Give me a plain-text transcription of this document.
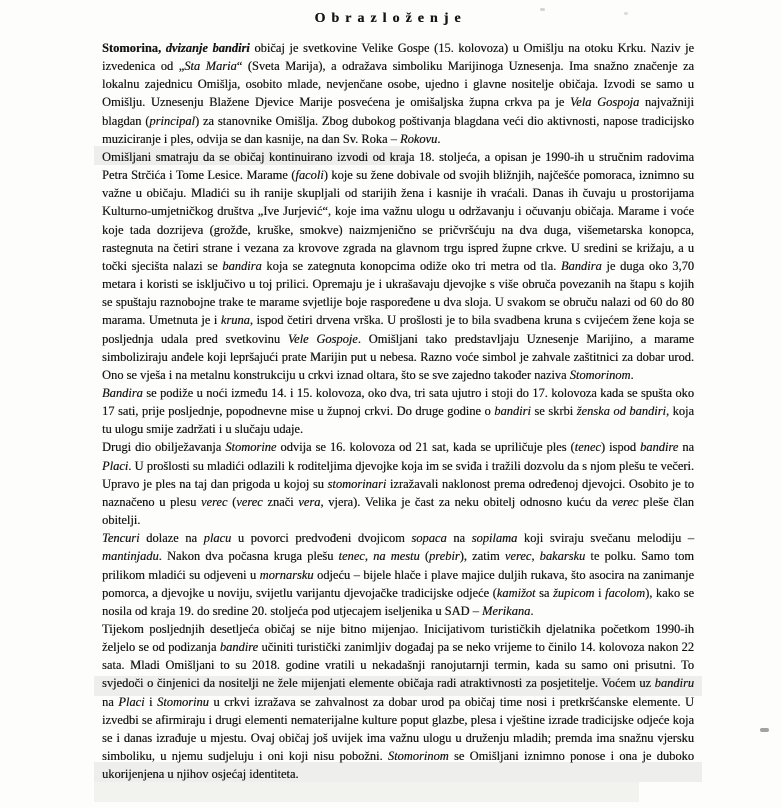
Obrazloženje

Stomorina, dvizanje bandiri običaj je svetkovine Velike Gospe (15. kolovoza) u Omišlju na otoku Krku. Naziv je izvedenica od „Sta Maria“ (Sveta Marija), a odražava simboliku Marijinoga Uznesenja. Ima snažno značenje za lokalnu zajednicu Omišlja, osobito mlade, nevjenčane osobe, ujedno i glavne nositelje običaja. Izvodi se samo u Omišlju. Uznesenju Blažene Djevice Marije posvećena je omišaljska župna crkva pa je Vela Gospoja najvažniji blagdan (principal) za stanovnike Omišlja. Zbog dubokog poštivanja blagdana veći dio aktivnosti, napose tradicijsko muziciranje i ples, odvija se dan kasnije, na dan Sv. Roka – Rokovu.

Omišljani smatraju da se običaj kontinuirano izvodi od kraja 18. stoljeća, a opisan je 1990-ih u stručnim radovima Petra Strčića i Tome Lesice. Marame (facoli) koje su žene dobivale od svojih bližnjih, najčešće pomoraca, iznimno su važne u običaju. Mladići su ih ranije skupljali od starijih žena i kasnije ih vraćali. Danas ih čuvaju u prostorijama Kulturno-umjetničkog društva „Ive Jurjević“, koje ima važnu ulogu u održavanju i očuvanju običaja. Marame i voće koje tada dozrijeva (grožđe, kruške, smokve) naizmjenično se pričvršćuju na dva duga, višemetarska konopca, rastegnuta na četiri strane i vezana za krovove zgrada na glavnom trgu ispred župne crkve. U sredini se križaju, a u točki sjecišta nalazi se bandira koja se zategnuta konopcima odiže oko tri metra od tla. Bandira je duga oko 3,70 metara i koristi se isključivo u toj prilici. Opremaju je i ukrašavaju djevojke s više obruča povezanih na štapu s kojih se spuštaju raznobojne trake te marame svjetlije boje raspoređene u dva sloja. U svakom se obruču nalazi od 60 do 80 marama. Umetnuta je i kruna, ispod četiri drvena vrška. U prošlosti je to bila svadbena kruna s cvijećem žene koja se posljednja udala pred svetkovinu Vele Gospoje. Omišljani tako predstavljaju Uznesenje Marijino, a marame simboliziraju anđele koji lepršajući prate Marijin put u nebesa. Razno voće simbol je zahvale zaštitnici za dobar urod. Ono se vješa i na metalnu konstrukciju u crkvi iznad oltara, što se sve zajedno također naziva Stomorinom.

Bandira se podiže u noći između 14. i 15. kolovoza, oko dva, tri sata ujutro i stoji do 17. kolovoza kada se spušta oko 17 sati, prije posljednje, popodnevne mise u župnoj crkvi. Do druge godine o bandiri se skrbi ženska od bandiri, koja tu ulogu smije zadržati i u slučaju udaje.

Drugi dio obilježavanja Stomorine odvija se 16. kolovoza od 21 sat, kada se upriličuje ples (tenec) ispod bandire na Placi. U prošlosti su mladići odlazili k roditeljima djevojke koja im se sviđa i tražili dozvolu da s njom plešu te večeri. Upravo je ples na taj dan prigoda u kojoj su stomorinari izražavali naklonost prema određenoj djevojci. Osobito je to naznačeno u plesu verec (verec znači vera, vjera). Velika je čast za neku obitelj odnosno kuću da verec pleše član obitelji.

Tencuri dolaze na placu u povorci predvođeni dvojicom sopaca na sopilama koji sviraju svečanu melodiju – mantinjadu. Nakon dva počasna kruga plešu tenec, na mestu (prebir), zatim verec, bakarsku te polku. Samo tom prilikom mladići su odjeveni u mornarsku odjeću – bijele hlače i plave majice duljih rukava, što asocira na zanimanje pomorca, a djevojke u noviju, svijetlu varijantu djevojačke tradicijske odjeće (kamižot sa župicom i facolom), kako se nosila od kraja 19. do sredine 20. stoljeća pod utjecajem iseljenika u SAD – Merikana.

Tijekom posljednjih desetljeća običaj se nije bitno mijenjao. Inicijativom turističkih djelatnika početkom 1990-ih željelo se od podizanja bandire učiniti turistički zanimljiv događaj pa se neko vrijeme to činilo 14. kolovoza nakon 22 sata. Mladi Omišljani to su 2018. godine vratili u nekadašnji ranojutarnji termin, kada su samo oni prisutni. To svjedoči o činjenici da nositelji ne žele mijenjati elemente običaja radi atraktivnosti za posjetitelje. Voćem uz bandiru na Placi i Stomorinu u crkvi izražava se zahvalnost za dobar urod pa običaj time nosi i pretkršćanske elemente. U izvedbi se afirmiraju i drugi elementi nematerijalne kulture poput glazbe, plesa i vještine izrade tradicijske odjeće koja se i danas izrađuje u mjestu. Ovaj običaj još uvijek ima važnu ulogu u druženju mladih; premda ima snažnu vjersku simboliku, u njemu sudjeluju i oni koji nisu pobožni. Stomorinom se Omišljani iznimno ponose i ona je duboko ukorijenjena u njihov osjećaj identiteta.
